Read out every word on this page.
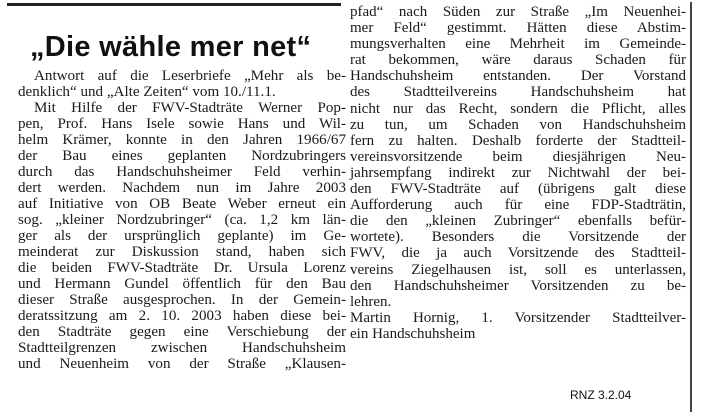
„Die wähle mer net“
Antwort auf die Leserbriefe „Mehr als be-
denklich“ und „Alte Zeiten“ vom 10./11.1.
Mit Hilfe der FWV-Stadträte Werner Pop-
pen, Prof. Hans Isele sowie Hans und Wil-
helm Krämer, konnte in den Jahren 1966/67
der Bau eines geplanten Nordzubringers
durch das Handschuhsheimer Feld verhin-
dert werden. Nachdem nun im Jahre 2003
auf Initiative von OB Beate Weber erneut ein
sog. „kleiner Nordzubringer“ (ca. 1,2 km län-
ger als der ursprünglich geplante) im Ge-
meinderat zur Diskussion stand, haben sich
die beiden FWV-Stadträte Dr. Ursula Lorenz
und Hermann Gundel öffentlich für den Bau
dieser Straße ausgesprochen. In der Gemein-
deratssitzung am 2. 10. 2003 haben diese bei-
den Stadträte gegen eine Verschiebung der
Stadtteilgrenzen zwischen Handschuhsheim
und Neuenheim von der Straße „Klausen-
pfad“ nach Süden zur Straße „Im Neuenhei-
mer Feld“ gestimmt. Hätten diese Abstim-
mungsverhalten eine Mehrheit im Gemeinde-
rat bekommen, wäre daraus Schaden für
Handschuhsheim entstanden. Der Vorstand
des Stadtteilvereins Handschuhsheim hat
nicht nur das Recht, sondern die Pflicht, alles
zu tun, um Schaden von Handschuhsheim
fern zu halten. Deshalb forderte der Stadtteil-
vereinsvorsitzende beim diesjährigen Neu-
jahrsempfang indirekt zur Nichtwahl der bei-
den FWV-Stadträte auf (übrigens galt diese
Aufforderung auch für eine FDP-Stadträtin,
die den „kleinen Zubringer“ ebenfalls befür-
wortete). Besonders die Vorsitzende der
FWV, die ja auch Vorsitzende des Stadtteil-
vereins Ziegelhausen ist, soll es unterlassen,
den Handschuhsheimer Vorsitzenden zu be-
lehren.
Martin Hornig, 1. Vorsitzender Stadtteilver-
ein Handschuhsheim
RNZ 3.2.04
